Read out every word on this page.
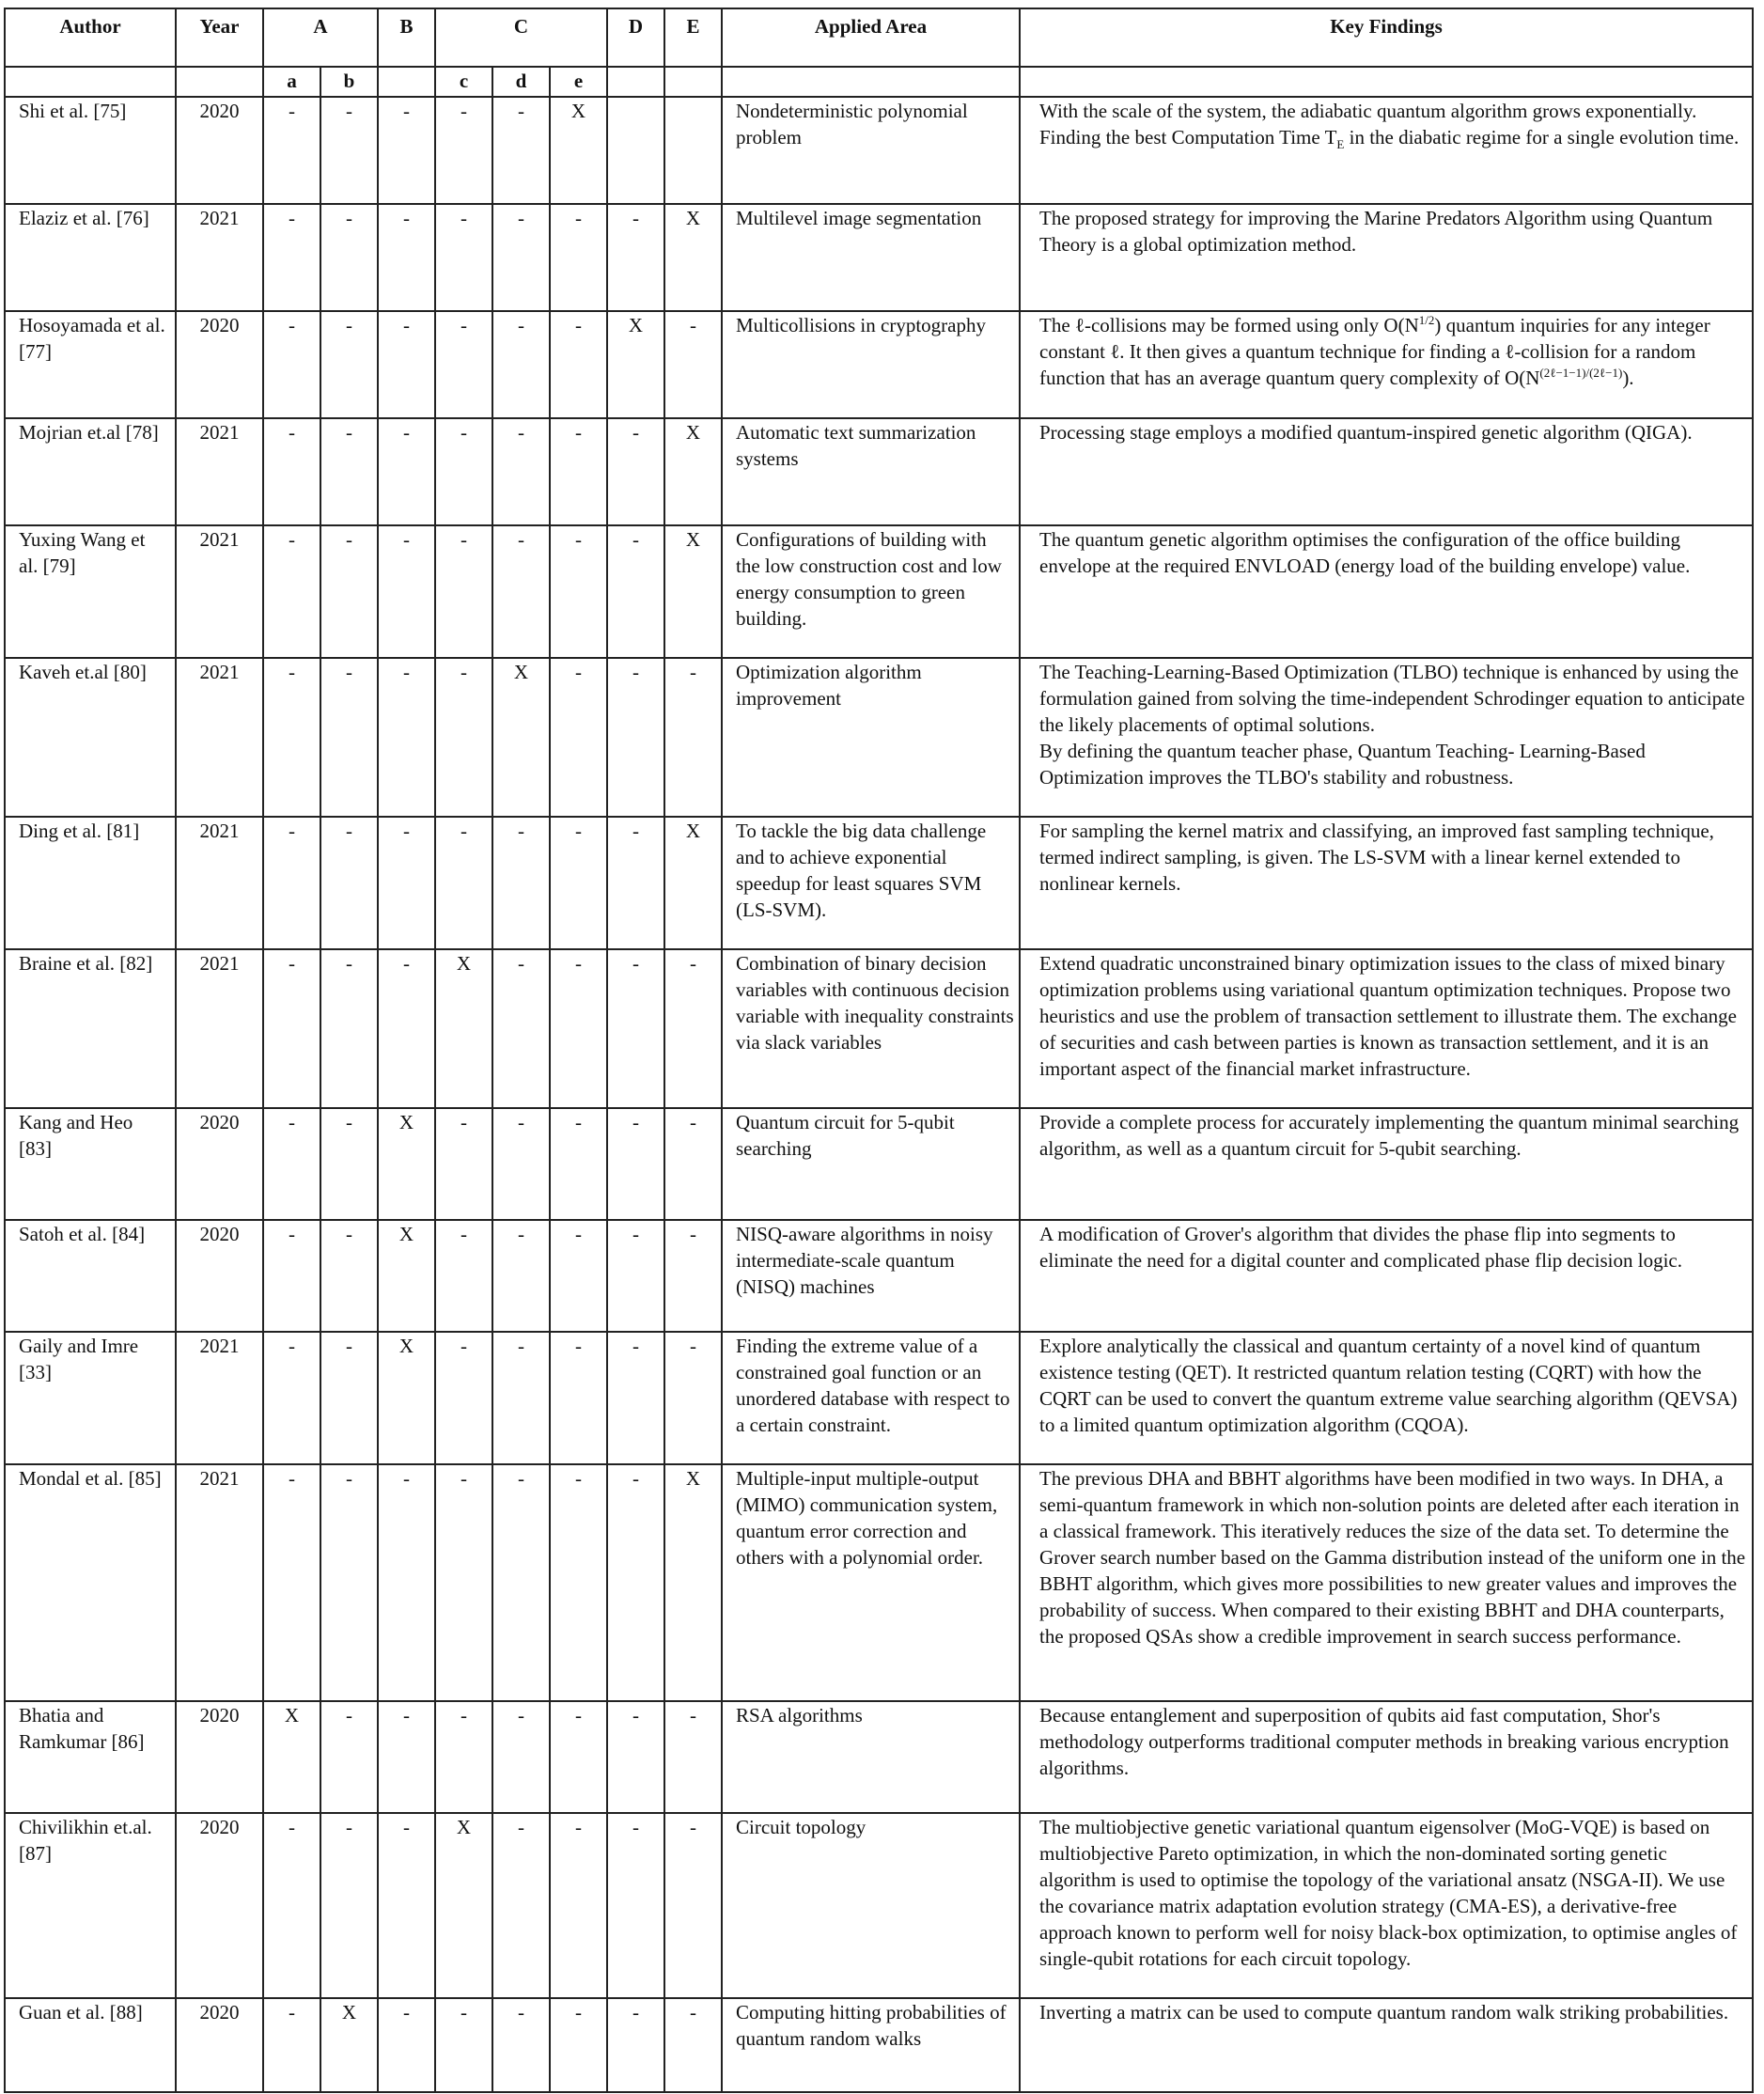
Author	Year	A		B	C			D	E	Applied Area	Key Findings
		a	b		c	d	e				
Shi et al. [75]	2020	-	-	-	-	-	X			Nondeterministic polynomial problem	With the scale of the system, the adiabatic quantum algorithm grows exponentially. Finding the best Computation Time $T_E$ in the diabatic regime for a single evolution time.
Elaziz et al. [76]	2021	-	-	-	-	-	-	-	X	Multilevel image segmentation	The proposed strategy for improving the Marine Predators Algorithm using Quantum Theory is a global optimization method.
Hosoyamada et al. [77]	2020	-	-	-	-	-	-	X	-	Multicollisions in cryptography	The ℓ-collisions may be formed using only $O(N^{1/2})$ quantum inquiries for any integer constant ℓ. It then gives a quantum technique for finding a ℓ-collision for a random function that has an average quantum query complexity of $O(N^{(2\ell-1-1)/(2\ell-1)})$.
Mojrian et.al [78]	2021	-	-	-	-	-	-	-	X	Automatic text summarization systems	Processing stage employs a modified quantum-inspired genetic algorithm (QIGA).
Yuxing Wang et al. [79]	2021	-	-	-	-	-	-	-	X	Configurations of building with the low construction cost and low energy consumption to green building.	The quantum genetic algorithm optimises the configuration of the office building envelope at the required ENVLOAD (energy load of the building envelope) value.
Kaveh et.al [80]	2021	-	-	-	-	X	-	-	-	Optimization algorithm improvement	The Teaching-Learning-Based Optimization (TLBO) technique is enhanced by using the formulation gained from solving the time-independent Schrodinger equation to anticipate the likely placements of optimal solutions.
By defining the quantum teacher phase, Quantum Teaching- Learning-Based Optimization improves the TLBO's stability and robustness.

Ding et al. [81]	2021	-	-	-	-	-	-	-	X	To tackle the big data challenge and to achieve exponential speedup for least squares SVM (LS-SVM).	For sampling the kernel matrix and classifying, an improved fast sampling technique, termed indirect sampling, is given. The LS-SVM with a linear kernel extended to nonlinear kernels.
Braine et al. [82]	2021	-	-	-	X	-	-	-	-	Combination of binary decision variables with continuous decision variable with inequality constraints via slack variables	Extend quadratic unconstrained binary optimization issues to the class of mixed binary optimization problems using variational quantum optimization techniques. Propose two heuristics and use the problem of transaction settlement to illustrate them. The exchange of securities and cash between parties is known as transaction settlement, and it is an important aspect of the financial market infrastructure.
Kang and Heo [83]	2020	-	-	X	-	-	-	-	-	Quantum circuit for 5-qubit searching	Provide a complete process for accurately implementing the quantum minimal searching algorithm, as well as a quantum circuit for 5-qubit searching.
Satoh et al. [84]	2020	-	-	X	-	-	-	-	-	NISQ-aware algorithms in noisy intermediate-scale quantum (NISQ) machines	A modification of Grover's algorithm that divides the phase flip into segments to eliminate the need for a digital counter and complicated phase flip decision logic.
Gaily and Imre [33]	2021	-	-	X	-	-	-	-	-	Finding the extreme value of a constrained goal function or an unordered database with respect to a certain constraint.	Explore analytically the classical and quantum certainty of a novel kind of quantum existence testing (QET). It restricted quantum relation testing (CQRT) with how the CQRT can be used to convert the quantum extreme value searching algorithm (QEVSA) to a limited quantum optimization algorithm (CQOA).
Mondal et al. [85]	2021	-	-	-	-	-	-	-	X	Multiple-input multiple-output (MIMO) communication system, quantum error correction and others with a polynomial order.	The previous DHA and BBHT algorithms have been modified in two ways. In DHA, a semi-quantum framework in which non-solution points are deleted after each iteration in a classical framework. This iteratively reduces the size of the data set. To determine the Grover search number based on the Gamma distribution instead of the uniform one in the BBHT algorithm, which gives more possibilities to new greater values and improves the probability of success. When compared to their existing BBHT and DHA counterparts, the proposed QSAs show a credible improvement in search success performance.
Bhatia and Ramkumar [86]	2020	X	-	-	-	-	-	-	-	RSA algorithms	Because entanglement and superposition of qubits aid fast computation, Shor's methodology outperforms traditional computer methods in breaking various encryption algorithms.
Chivilikhin et.al. [87]	2020	-	-	-	X	-	-	-	-	Circuit topology	The multiobjective genetic variational quantum eigensolver (MoG-VQE) is based on multiobjective Pareto optimization, in which the non-dominated sorting genetic algorithm is used to optimise the topology of the variational ansatz (NSGA-II). We use the covariance matrix adaptation evolution strategy (CMA-ES), a derivative-free approach known to perform well for noisy black-box optimization, to optimise angles of single-qubit rotations for each circuit topology.
Guan et al. [88]	2020	-	X	-	-	-	-	-	-	Computing hitting probabilities of quantum random walks	Inverting a matrix can be used to compute quantum random walk striking probabilities.
